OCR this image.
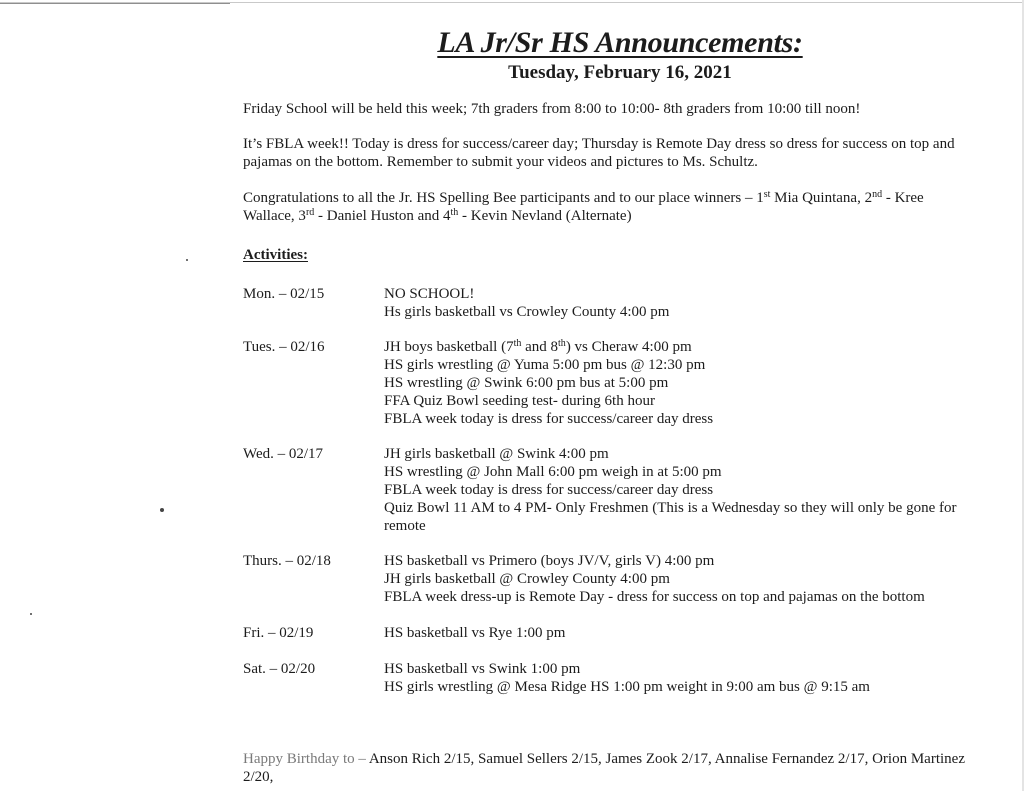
LA Jr/Sr HS Announcements:
Tuesday, February 16, 2021
Friday School will be held this week; 7th graders from 8:00 to 10:00- 8th graders from 10:00 till noon!
It’s FBLA week!! Today is dress for success/career day; Thursday is Remote Day dress so dress for success on top and
pajamas on the bottom. Remember to submit your videos and pictures to Ms. Schultz.
Congratulations to all the Jr. HS Spelling Bee participants and to our place winners – 1st Mia Quintana, 2nd - Kree
Wallace, 3rd - Daniel Huston and 4th - Kevin Nevland (Alternate)
Activities:
Mon. – 02/15	NO SCHOOL!
Hs girls basketball vs Crowley County 4:00 pm
Tues. – 02/16	JH boys basketball (7th and 8th) vs Cheraw 4:00 pm
HS girls wrestling @ Yuma 5:00 pm bus @ 12:30 pm
HS wrestling @ Swink 6:00 pm bus at 5:00 pm
FFA Quiz Bowl seeding test- during 6th hour
FBLA week today is dress for success/career day dress
Wed. – 02/17	JH girls basketball @ Swink 4:00 pm
HS wrestling @ John Mall 6:00 pm weigh in at 5:00 pm
FBLA week today is dress for success/career day dress
Quiz Bowl 11 AM to 4 PM- Only Freshmen (This is a Wednesday so they will only be gone for
remote
Thurs. – 02/18	HS basketball vs Primero (boys JV/V, girls V) 4:00 pm
JH girls basketball @ Crowley County 4:00 pm
FBLA week dress-up is Remote Day - dress for success on top and pajamas on the bottom
Fri. – 02/19	HS basketball vs Rye 1:00 pm
Sat. – 02/20	HS basketball vs Swink 1:00 pm
HS girls wrestling @ Mesa Ridge HS 1:00 pm weight in 9:00 am bus @ 9:15 am
Happy Birthday to – Anson Rich 2/15, Samuel Sellers 2/15, James Zook 2/17, Annalise Fernandez 2/17, Orion Martinez
2/20,
